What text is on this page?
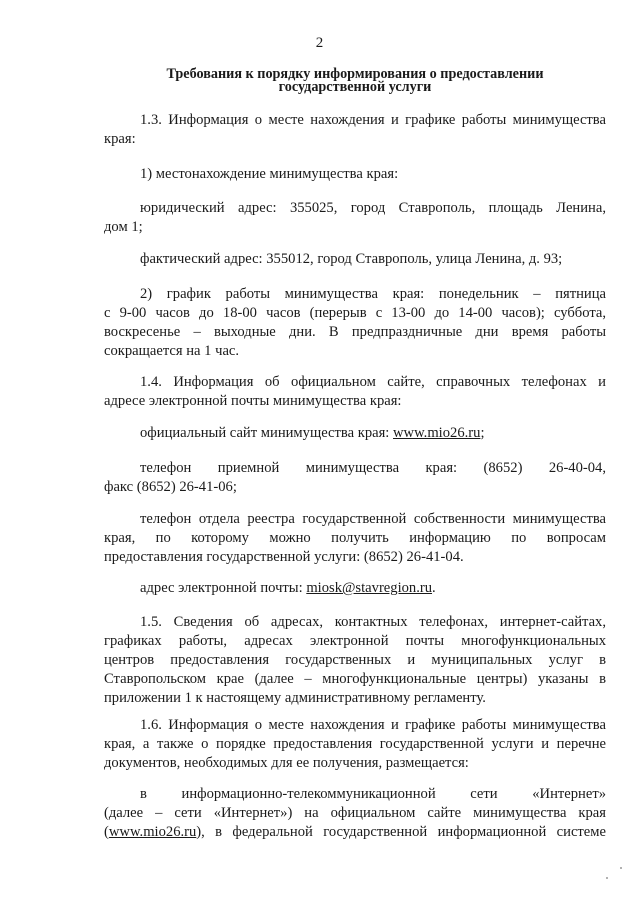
2
Требования к порядку информирования о предоставлении
государственной услуги
1.3. Информация о месте нахождения и графике работы минимущества
края:
1) местонахождение минимущества края:
юридический адрес: 355025, город Ставрополь, площадь Ленина,
дом 1;
фактический адрес: 355012, город Ставрополь, улица Ленина, д. 93;
2) график работы минимущества края: понедельник – пятница
с 9-00 часов до 18-00 часов (перерыв с 13-00 до 14-00 часов); суббота,
воскресенье – выходные дни. В предпраздничные дни время работы
сокращается на 1 час.
1.4. Информация об официальном сайте, справочных телефонах и
адресе электронной почты минимущества края:
официальный сайт минимущества края: www.mio26.ru;
телефон приемной минимущества края: (8652) 26-40-04,
факс (8652) 26-41-06;
телефон отдела реестра государственной собственности минимущества
края, по которому можно получить информацию по вопросам
предоставления государственной услуги: (8652) 26-41-04.
адрес электронной почты: miosk@stavregion.ru.
1.5. Сведения об адресах, контактных телефонах, интернет-сайтах,
графиках работы, адресах электронной почты многофункциональных
центров предоставления государственных и муниципальных услуг в
Ставропольском крае (далее – многофункциональные центры) указаны в
приложении 1 к настоящему административному регламенту.
1.6. Информация о месте нахождения и графике работы минимущества
края, а также о порядке предоставления государственной услуги и перечне
документов, необходимых для ее получения, размещается:
в информационно-телекоммуникационной сети «Интернет»
(далее – сети «Интернет») на официальном сайте минимущества края
(www.mio26.ru), в федеральной государственной информационной системе
